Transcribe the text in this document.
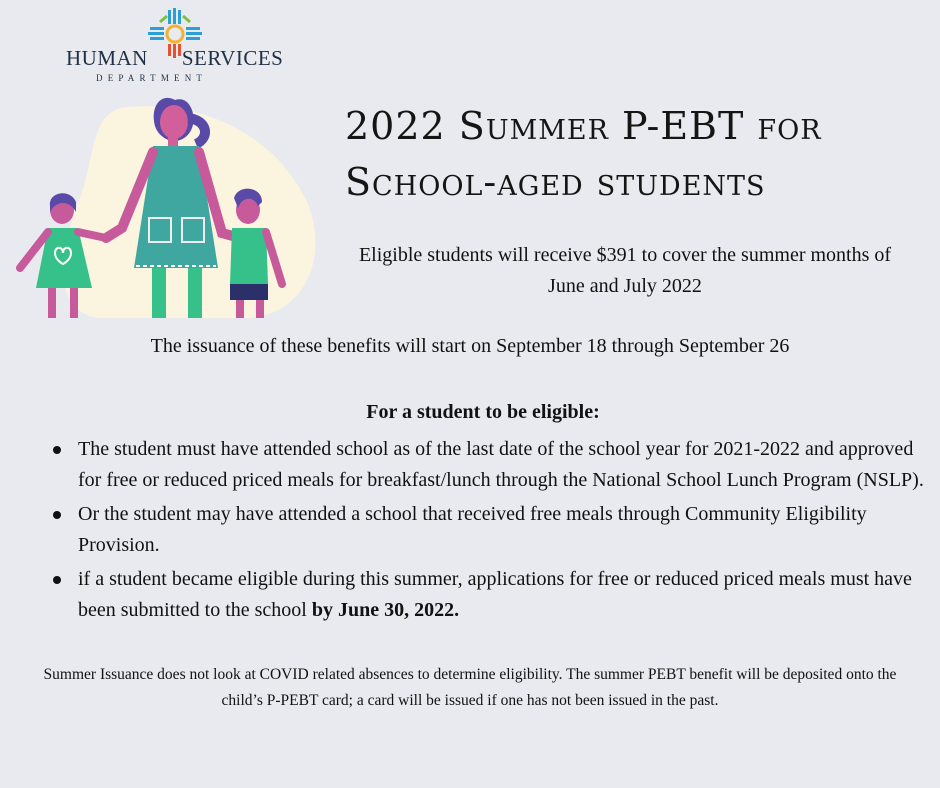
HUMAN SERVICES
DEPARTMENT
2022 Summer P-EBT for
School-aged students
Eligible students will receive $391 to cover the summer months of June and July 2022
The issuance of these benefits will start on September 18 through September 26
For a student to be eligible:
The student must have attended school as of the last date of the school year for 2021-2022 and approved for free or reduced priced meals for breakfast/lunch through the National School Lunch Program (NSLP).
Or the student may have attended a school that received free meals through Community Eligibility Provision.
if a student became eligible during this summer, applications for free or reduced priced meals must have been submitted to the school by June 30, 2022.
Summer Issuance does not look at COVID related absences to determine eligibility. The summer PEBT benefit will be deposited onto the child’s P-PEBT card; a card will be issued if one has not been issued in the past.
